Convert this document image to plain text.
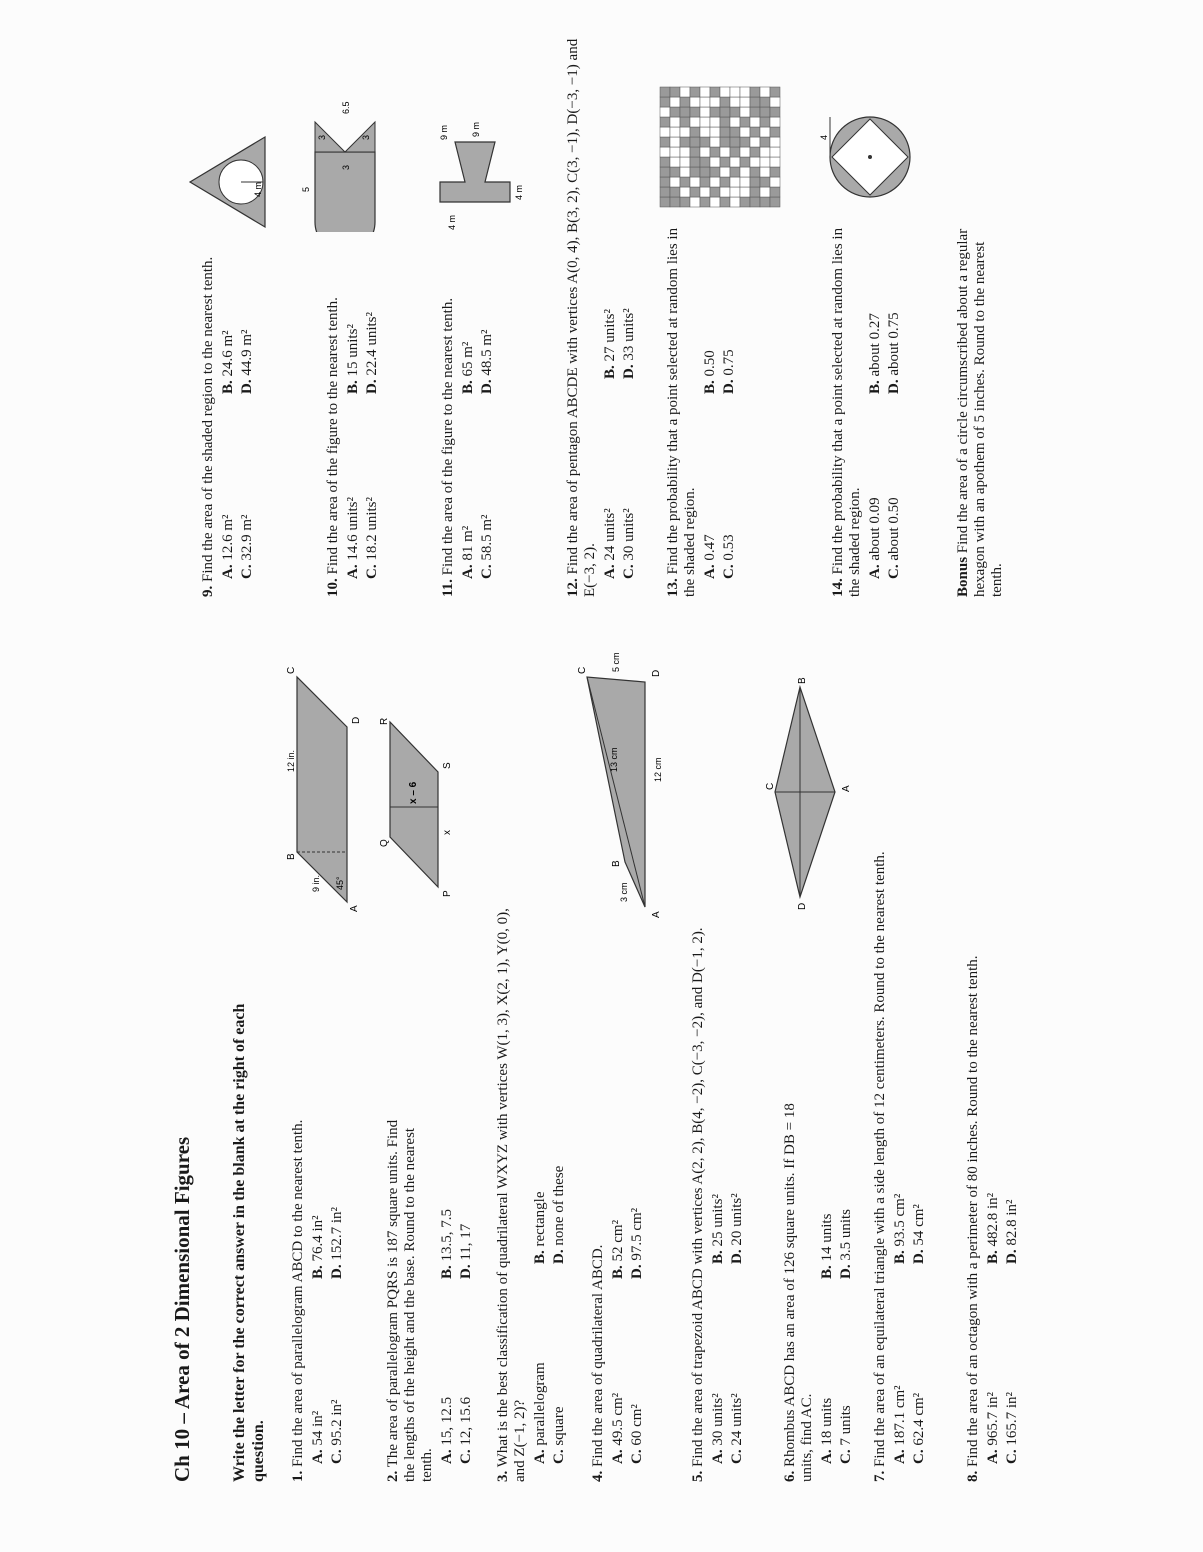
Ch 10 – Area of 2 Dimensional Figures Write the letter for the correct answer in the blank at the right of each question. 1. Find the area of parallelogram ABCD to the nearest tenth. A. 54 in²
B. 76.4 in²
C. 95.2 in²
D. 152.7 in²
A
B
C
D
12 in.
9 in. 45°
2. The area of parallelogram PQRS is 187 square units. Find the lengths of the height and the base. Round to the nearest tenth. A. 15, 12.5
B. 13.5, 7.5
C. 12, 15.6
D. 11, 17
P
Q
R
S
x – 6
x
3. What is the best classification of quadrilateral WXYZ with vertices W(1, 3), X(2, 1), Y(0, 0), and Z(−1, 2)? A. parallelogram
B. rectangle
C. square
D. none of these
4. Find the area of quadrilateral ABCD. A. 49.5 cm²
B. 52 cm²
C. 60 cm²
D. 97.5 cm²
A
B
C	D
3 cm
13 cm
5 cm
12 cm
5. Find the area of trapezoid ABCD with vertices A(2, 2), B(4, −2), C(−3, −2), and D(−1, 2). A. 30 units²
B. 25 units²
C. 24 units²
D. 20 units²
6. Rhombus ABCD has an area of 126 square units. If DB = 18 units, find AC. A. 18 units
B. 14 units
C. 7 units
D. 3.5 units
D
A
B
C
7. Find the area of an equilateral triangle with a side length of 12 centimeters. Round to the nearest tenth. A. 187.1 cm²
B. 93.5 cm²
C. 62.4 cm²
D. 54 cm²
8. Find the area of an octagon with a perimeter of 80 inches. Round to the nearest tenth. A. 965.7 in²
B. 482.8 in²
C. 165.7 in²
D. 82.8 in²
9. Find the area of the shaded region to the nearest tenth. A. 12.6 m²
B. 24.6 m²
C. 32.9 m²
D. 44.9 m²
4 m
10. Find the area of the figure to the nearest tenth. A. 14.6 units²
B. 15 units²
C. 18.2 units²
D. 22.4 units²
5
6.5
3	3
3
11. Find the area of the figure to the nearest tenth. A. 81 m²
B. 65 m²
C. 58.5 m²
D. 48.5 m²
4 m
4 m
9 m 9 m
12. Find the area of pentagon ABCDE with vertices A(0, 4), B(3, 2), C(3, −1), D(−3, −1) and E(−3, 2). A. 24 units²
B. 27 units²
C. 30 units²
D. 33 units²
13. Find the probability that a point selected at random lies in the shaded region. A. 0.47
B. 0.50
C. 0.53
D. 0.75
14. Find the probability that a point selected at random lies in the shaded region. A. about 0.09
B. about 0.27
C. about 0.50
D. about 0.75
4
Bonus Find the area of a circle circumscribed about a regular hexagon with an apothem of 5 inches. Round to the nearest tenth.
